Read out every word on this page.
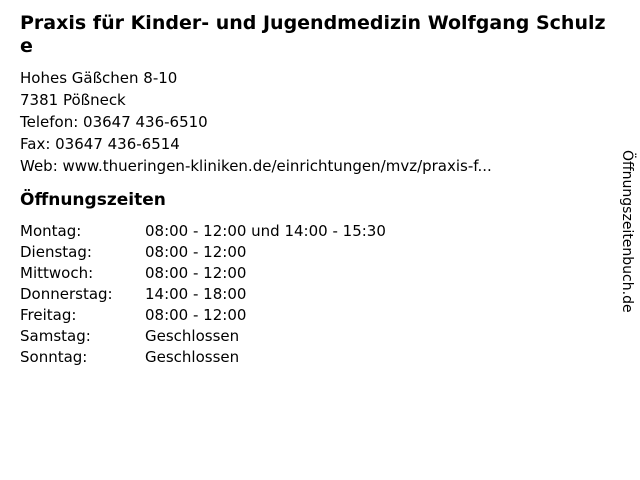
Praxis für Kinder- und Jugendmedizin Wolfgang Schulze
Hohes Gäßchen 8-10
7381 Pößneck
Telefon: 03647 436-6510
Fax: 03647 436-6514
Web: www.thueringen-kliniken.de/einrichtungen/mvz/praxis-f...
Öffnungszeiten
Montag:	08:00 - 12:00 und 14:00 - 15:30
Dienstag:	08:00 - 12:00
Mittwoch:	08:00 - 12:00
Donnerstag:	14:00 - 18:00
Freitag:	08:00 - 12:00
Samstag:	Geschlossen
Sonntag:	Geschlossen
Öffnungszeitenbuch.de
